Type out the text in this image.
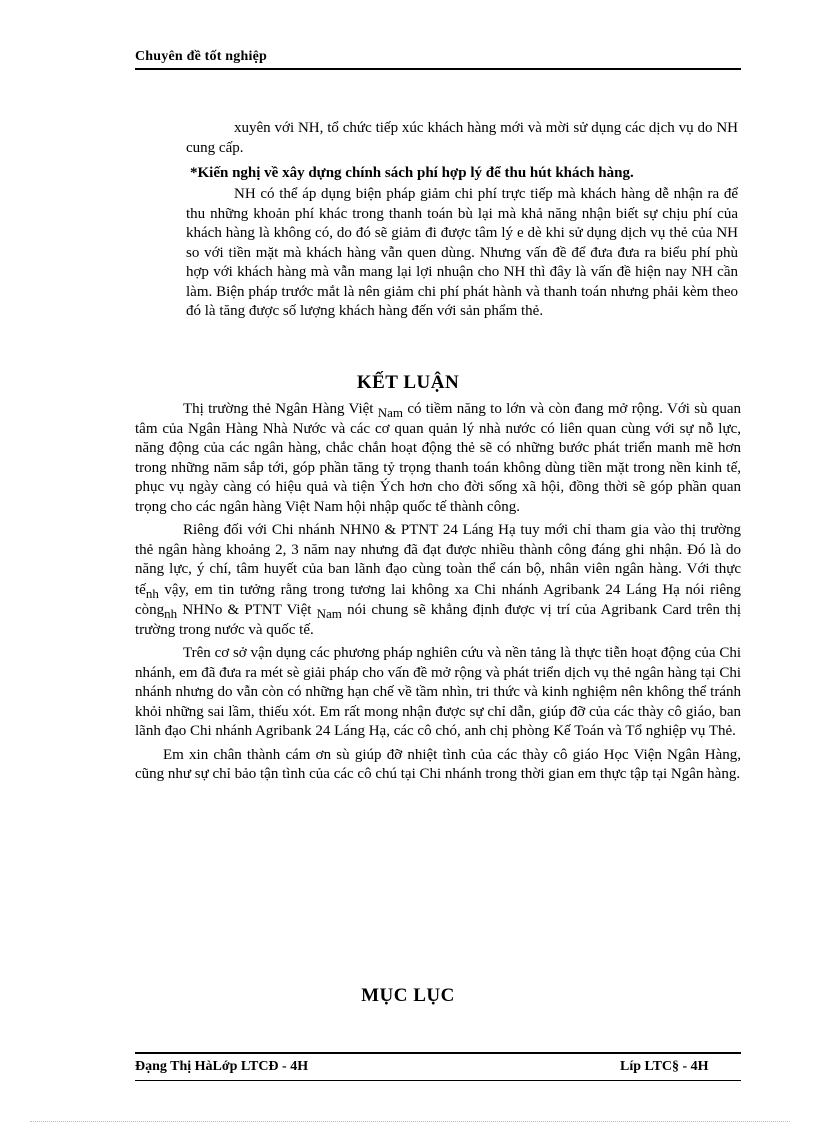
Chuyên đề tốt nghiệp

xuyên với NH, tổ chức tiếp xúc khách hàng mới và mời sử dụng các dịch vụ do NH cung cấp.

*Kiến nghị về xây dựng chính sách phí hợp lý để thu hút khách hàng.

NH có thể áp dụng biện pháp giảm chi phí trực tiếp mà khách hàng dễ nhận ra để thu những khoản phí khác trong thanh toán bù lại mà khả năng nhận biết sự chịu phí của khách hàng là không có, do đó sẽ giảm đi được tâm lý e dè khi sử dụng dịch vụ thẻ của NH so với tiền mặt mà khách hàng vẫn quen dùng. Nhưng vấn đề để đưa đưa ra biểu phí phù hợp với khách hàng mà vẫn mang lại lợi nhuận cho NH thì đây là vấn đề hiện nay NH cần làm. Biện pháp trước mắt là nên giảm chi phí phát hành và thanh toán nhưng phải kèm theo đó là tăng được số lượng khách hàng đến với sản phẩm thẻ.

KẾT LUẬN

Thị trường thẻ Ngân Hàng Việt Nam có tiềm năng to lớn và còn đang mở rộng. Với sù quan tâm của Ngân Hàng Nhà Nước và các cơ quan quản lý nhà nước có liên quan cùng với sự nỗ lực, năng động của các ngân hàng, chắc chắn hoạt động thẻ sẽ có những bước phát triển manh mẽ hơn trong những năm sắp tới, góp phần tăng tỷ trọng thanh toán không dùng tiền mặt trong nền kinh tế, phục vụ ngày càng có hiệu quả và tiện Ých hơn cho đời sống xã hội, đồng thời sẽ góp phần quan trọng cho các ngân hàng Việt Nam hội nhập quốc tế thành công.

Riêng đối với Chi nhánh NHN0 & PTNT 24 Láng Hạ tuy mới chỉ tham gia vào thị trường thẻ ngân hàng khoảng 2, 3 năm nay nhưng đã đạt được nhiều thành công đáng ghi nhận. Đó là do năng lực, ý chí, tâm huyết của ban lãnh đạo cùng toàn thể cán bộ, nhân viên ngân hàng. Với thực tếnh vậy, em tin tưởng rằng trong tương lai không xa Chi nhánh Agribank 24 Láng Hạ nói riêng còngnh NHNo & PTNT Việt Nam nói chung sẽ khẳng định được vị trí của Agribank Card trên thị trường trong nước và quốc tế.

Trên cơ sở vận dụng các phương pháp nghiên cứu và nền tảng là thực tiễn hoạt động của Chi nhánh, em đã đưa ra mét sè giải pháp cho vấn đề mở rộng và phát triển dịch vụ thẻ ngân hàng tại Chi nhánh nhưng do vẫn còn có những hạn chế về tầm nhìn, tri thức và kinh nghiệm nên không thể tránh khỏi những sai lầm, thiếu xót. Em rất mong nhận được sự chỉ dẫn, giúp đỡ của các thày cô giáo, ban lãnh đạo Chi nhánh Agribank 24 Láng Hạ, các cô chó, anh chị phòng Kế Toán và Tổ nghiệp vụ Thẻ.

Em xin chân thành cám ơn sù giúp đỡ nhiệt tình của các thày cô giáo Học Viện Ngân Hàng, cũng như sự chỉ bảo tận tình của các cô chú tại Chi nhánh trong thời gian em thực tập tại Ngân hàng.

MỤC LỤC
Đạng Thị HàLớp LTCĐ - 4H	Líp LTC§ - 4H
